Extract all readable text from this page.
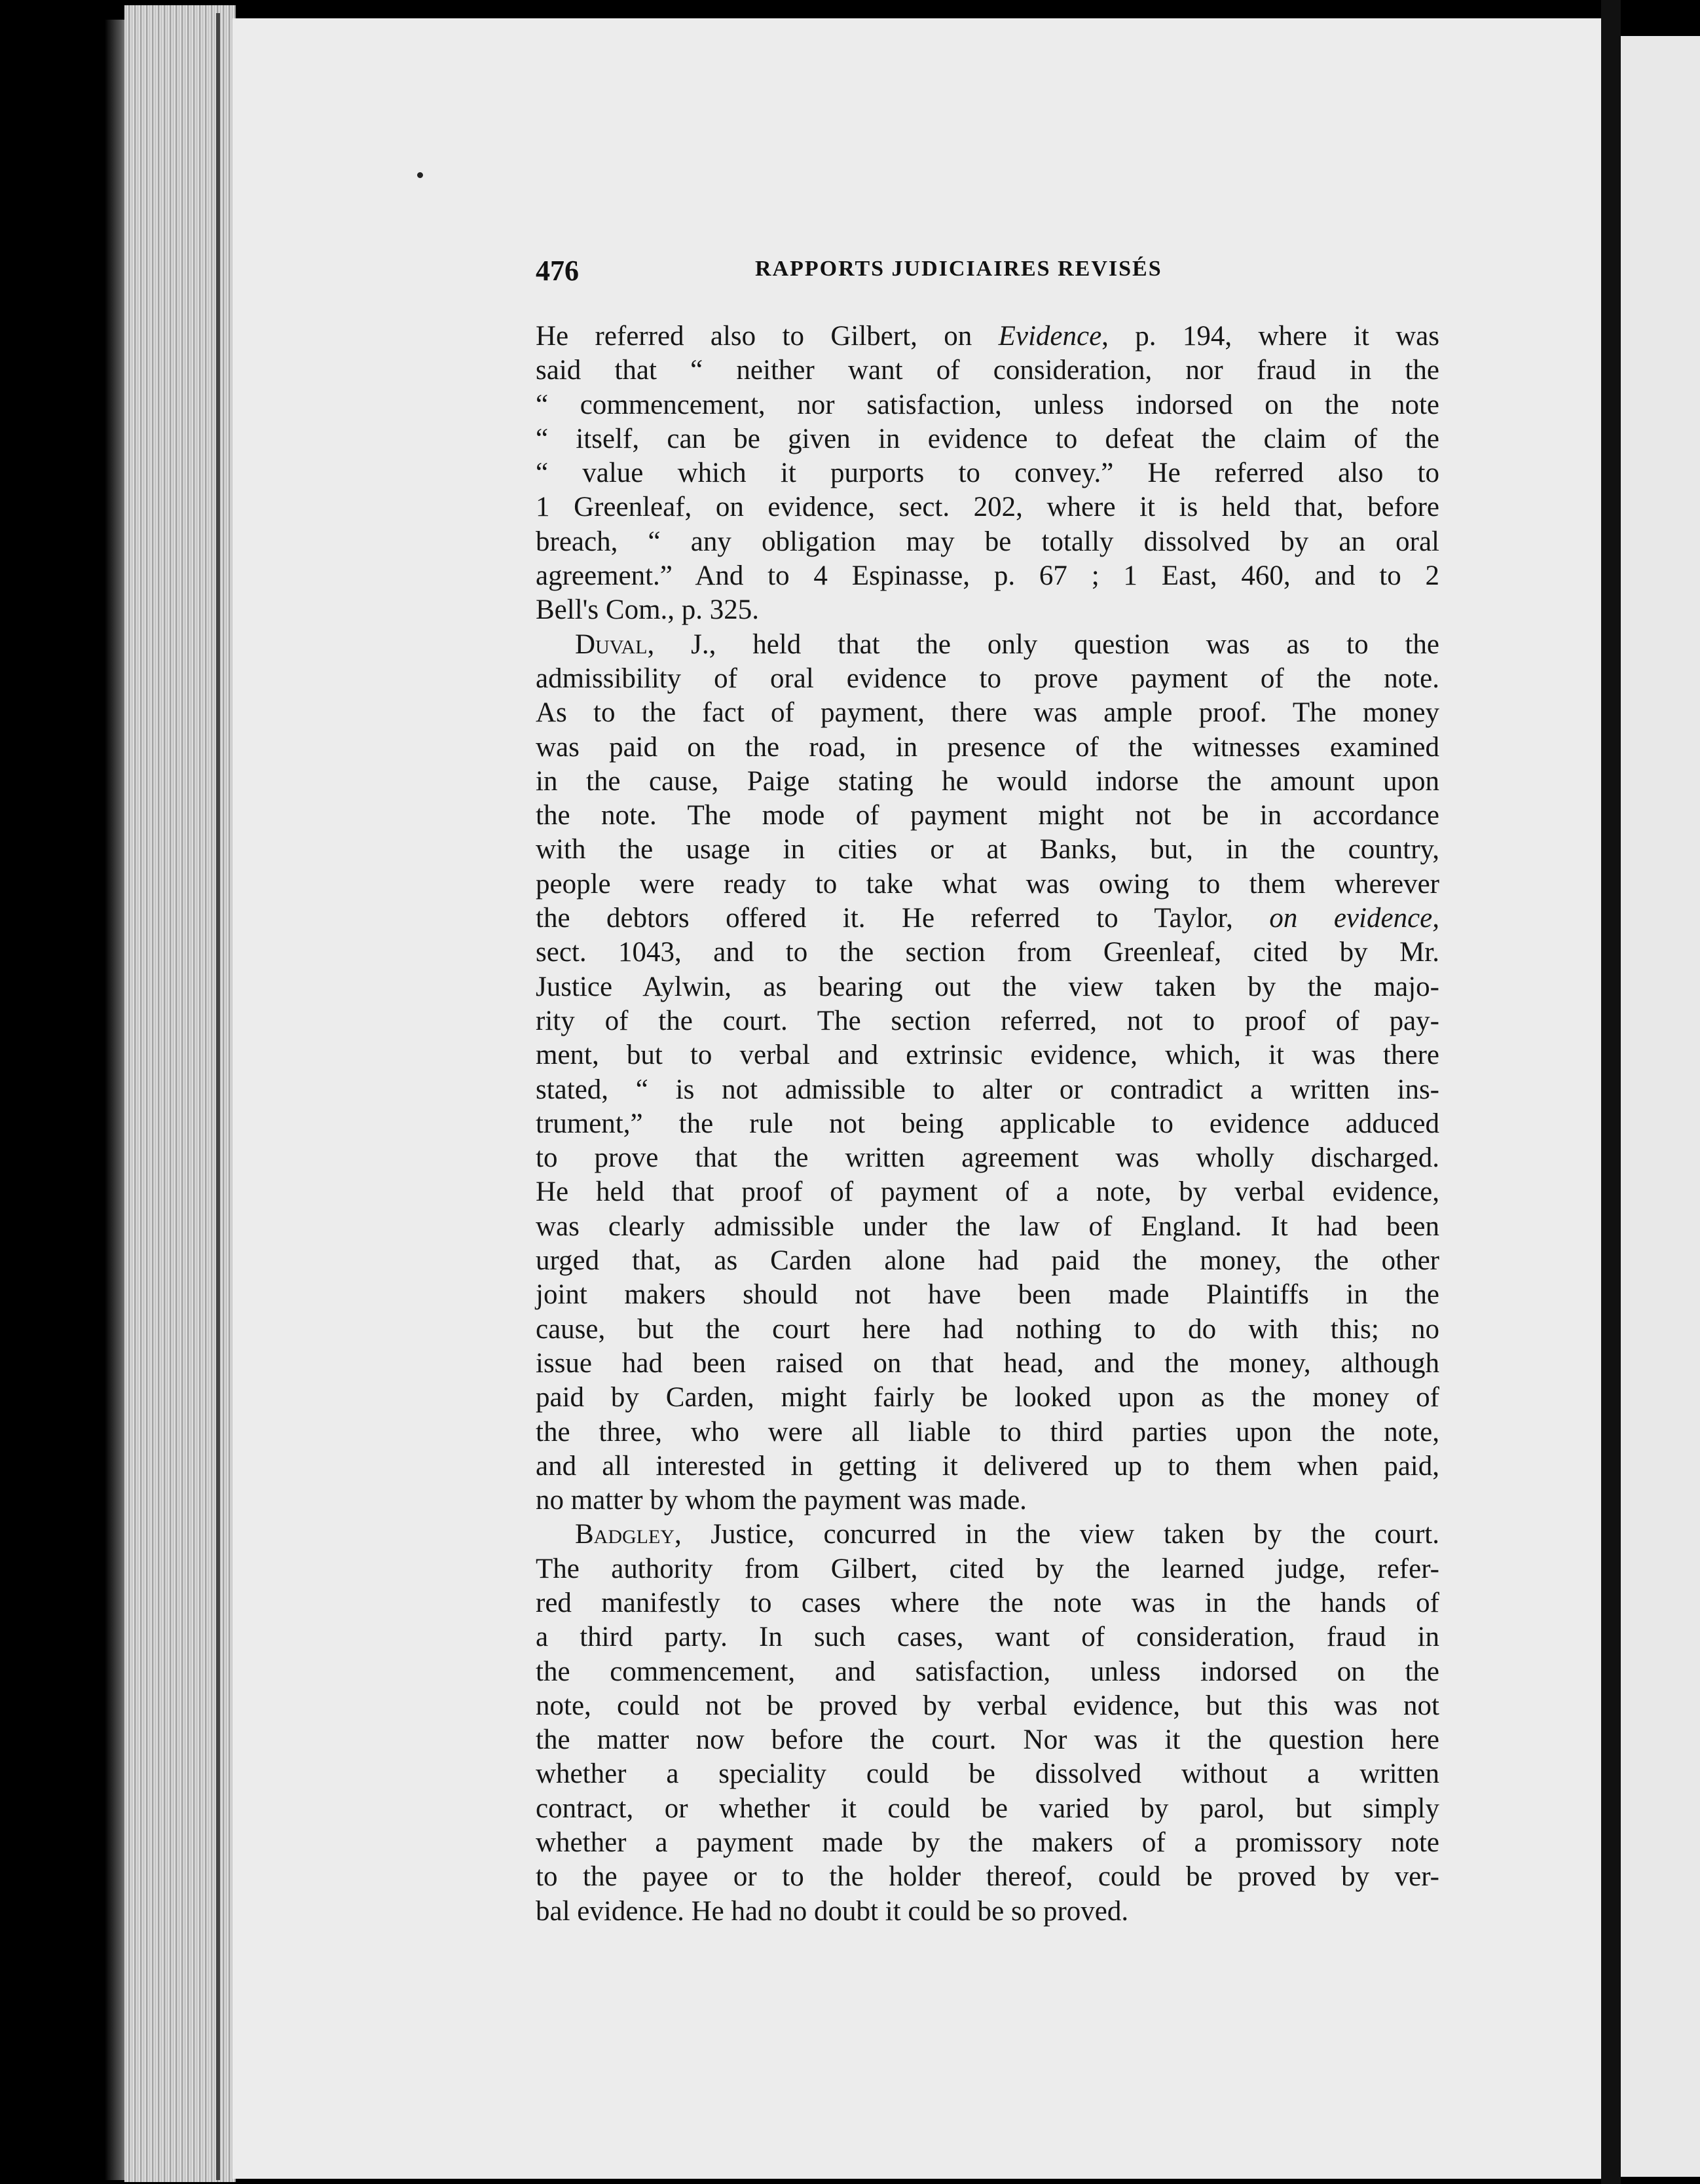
476	RAPPORTS JUDICIAIRES REVISÉS
He referred also to Gilbert, on Evidence, p. 194, where it was
said that “ neither want of consideration, nor fraud in the
“ commencement, nor satisfaction, unless indorsed on the note
“ itself, can be given in evidence to defeat the claim of the
“ value which it purports to convey.” He referred also to
1 Greenleaf, on evidence, sect. 202, where it is held that, before
breach, “ any obligation may be totally dissolved by an oral
agreement.” And to 4 Espinasse, p. 67 ; 1 East, 460, and to 2
Bell's Com., p. 325.
Duval, J., held that the only question was as to the
admissibility of oral evidence to prove payment of the note.
As to the fact of payment, there was ample proof. The money
was paid on the road, in presence of the witnesses examined
in the cause, Paige stating he would indorse the amount upon
the note. The mode of payment might not be in accordance
with the usage in cities or at Banks, but, in the country,
people were ready to take what was owing to them wherever
the debtors offered it. He referred to Taylor, on evidence,
sect. 1043, and to the section from Greenleaf, cited by Mr.
Justice Aylwin, as bearing out the view taken by the majo-
rity of the court. The section referred, not to proof of pay-
ment, but to verbal and extrinsic evidence, which, it was there
stated, “ is not admissible to alter or contradict a written ins-
trument,” the rule not being applicable to evidence adduced
to prove that the written agreement was wholly discharged.
He held that proof of payment of a note, by verbal evidence,
was clearly admissible under the law of England. It had been
urged that, as Carden alone had paid the money, the other
joint makers should not have been made Plaintiffs in the
cause, but the court here had nothing to do with this; no
issue had been raised on that head, and the money, although
paid by Carden, might fairly be looked upon as the money of
the three, who were all liable to third parties upon the note,
and all interested in getting it delivered up to them when paid,
no matter by whom the payment was made.
Badgley, Justice, concurred in the view taken by the court.
The authority from Gilbert, cited by the learned judge, refer-
red manifestly to cases where the note was in the hands of
a third party. In such cases, want of consideration, fraud in
the commencement, and satisfaction, unless indorsed on the
note, could not be proved by verbal evidence, but this was not
the matter now before the court. Nor was it the question here
whether a speciality could be dissolved without a written
contract, or whether it could be varied by parol, but simply
whether a payment made by the makers of a promissory note
to the payee or to the holder thereof, could be proved by ver-
bal evidence. He had no doubt it could be so proved.
